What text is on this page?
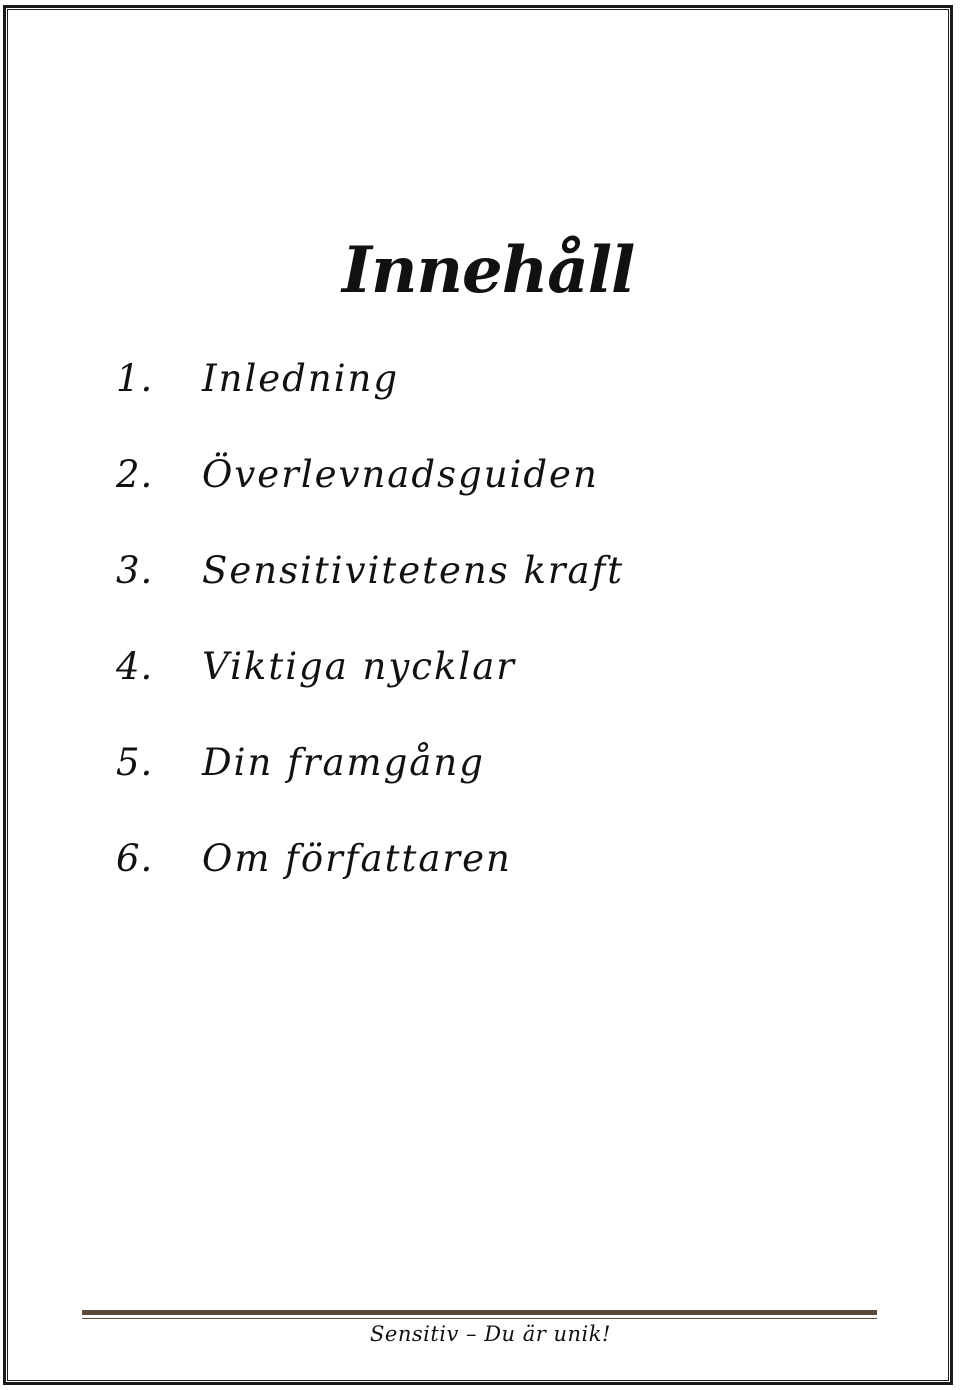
Innehåll
1.	Inledning
2.	Överlevnadsguiden
3.	Sensitivitetens kraft
4.	Viktiga nycklar
5.	Din framgång
6.	Om författaren
Sensitiv – Du är unik!
